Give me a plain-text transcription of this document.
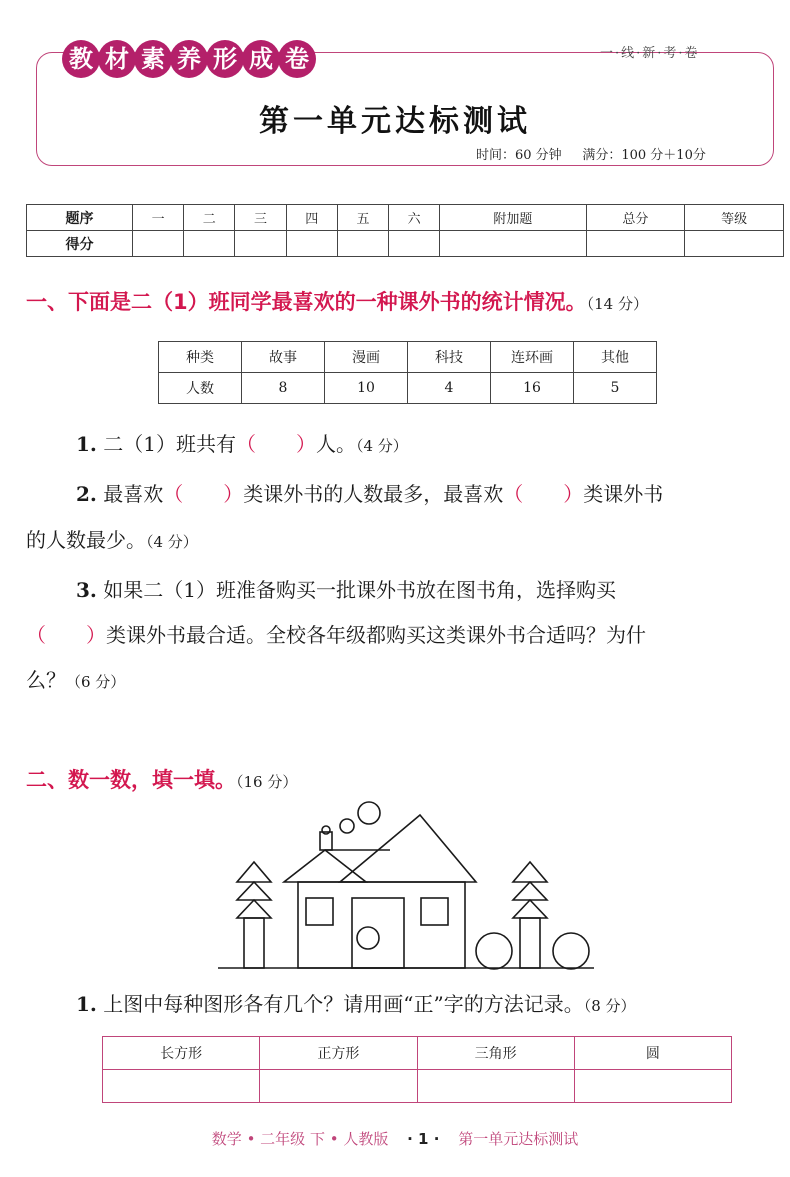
教 材 素 养 形 成 卷	一·线·新·考·卷
第一单元达标测试
时间：60 分钟 满分：100 分＋10分
题序	一	二	三	四	五	六	附加题	总分	等级
得分									
一、下面是二（1）班同学最喜欢的一种课外书的统计情况。（14 分）
种类	故事	漫画	科技	连环画	其他
人数	8	10	4	16	5
1. 二（1）班共有（　　）人。（4 分）
2. 最喜欢（　　）类课外书的人数最多，最喜欢（　　）类课外书
的人数最少。（4 分）
3. 如果二（1）班准备购买一批课外书放在图书角，选择购买
（　　）类课外书最合适。全校各年级都购买这类课外书合适吗？为什
么？（6 分）
二、数一数，填一填。（16 分）
1. 上图中每种图形各有几个？请用画“正”字的方法记录。（8 分）
长方形	正方形	三角形	圆

数学 • 二年级 下 • 人教版 · 1 · 第一单元达标测试
